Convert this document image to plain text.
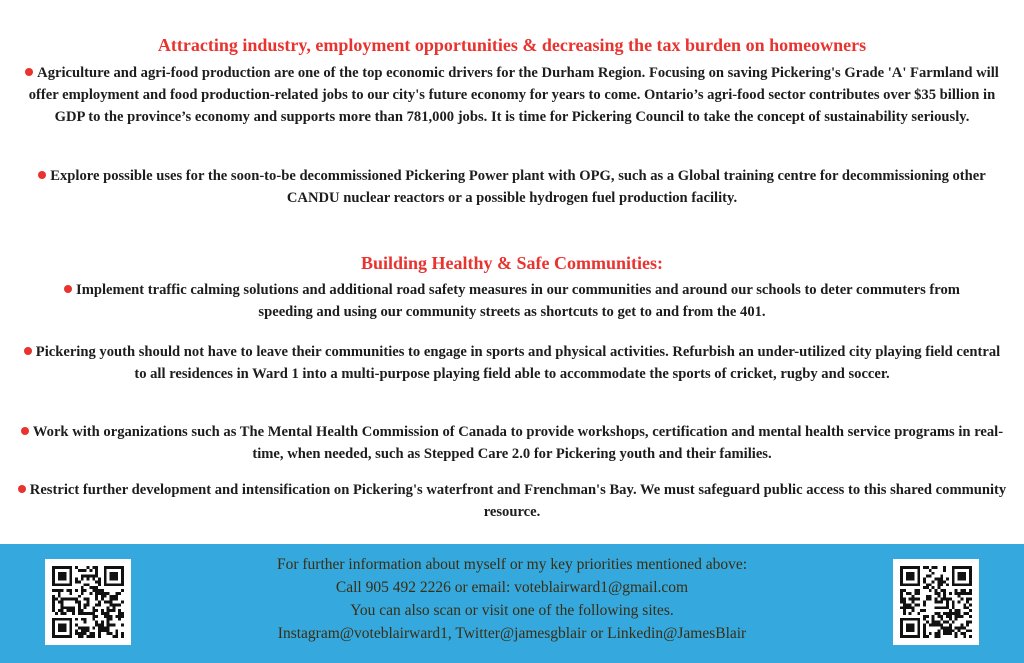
Attracting industry, employment opportunities & decreasing the tax burden on homeowners
Agriculture and agri-food production are one of the top economic drivers for the Durham Region. Focusing on saving Pickering's Grade 'A' Farmland will offer employment and food production-related jobs to our city's future economy for years to come. Ontario’s agri-food sector contributes over $35 billion in GDP to the province’s economy and supports more than 781,000 jobs. It is time for Pickering Council to take the concept of sustainability seriously.
Explore possible uses for the soon-to-be decommissioned Pickering Power plant with OPG, such as a Global training centre for decommissioning other CANDU nuclear reactors or a possible hydrogen fuel production facility.
Building Healthy & Safe Communities:
Implement traffic calming solutions and additional road safety measures in our communities and around our schools to deter commuters from speeding and using our community streets as shortcuts to get to and from the 401.
Pickering youth should not have to leave their communities to engage in sports and physical activities. Refurbish an under-utilized city playing field central to all residences in Ward 1 into a multi-purpose playing field able to accommodate the sports of cricket, rugby and soccer.
Work with organizations such as The Mental Health Commission of Canada to provide workshops, certification and mental health service programs in real-time, when needed, such as Stepped Care 2.0 for Pickering youth and their families.
Restrict further development and intensification on Pickering's waterfront and Frenchman's Bay. We must safeguard public access to this shared community resource.
For further information about myself or my key priorities mentioned above:
Call 905 492 2226 or email: voteblairward1@gmail.com
You can also scan or visit one of the following sites.
Instagram@voteblairward1, Twitter@jamesgblair or Linkedin@JamesBlair
